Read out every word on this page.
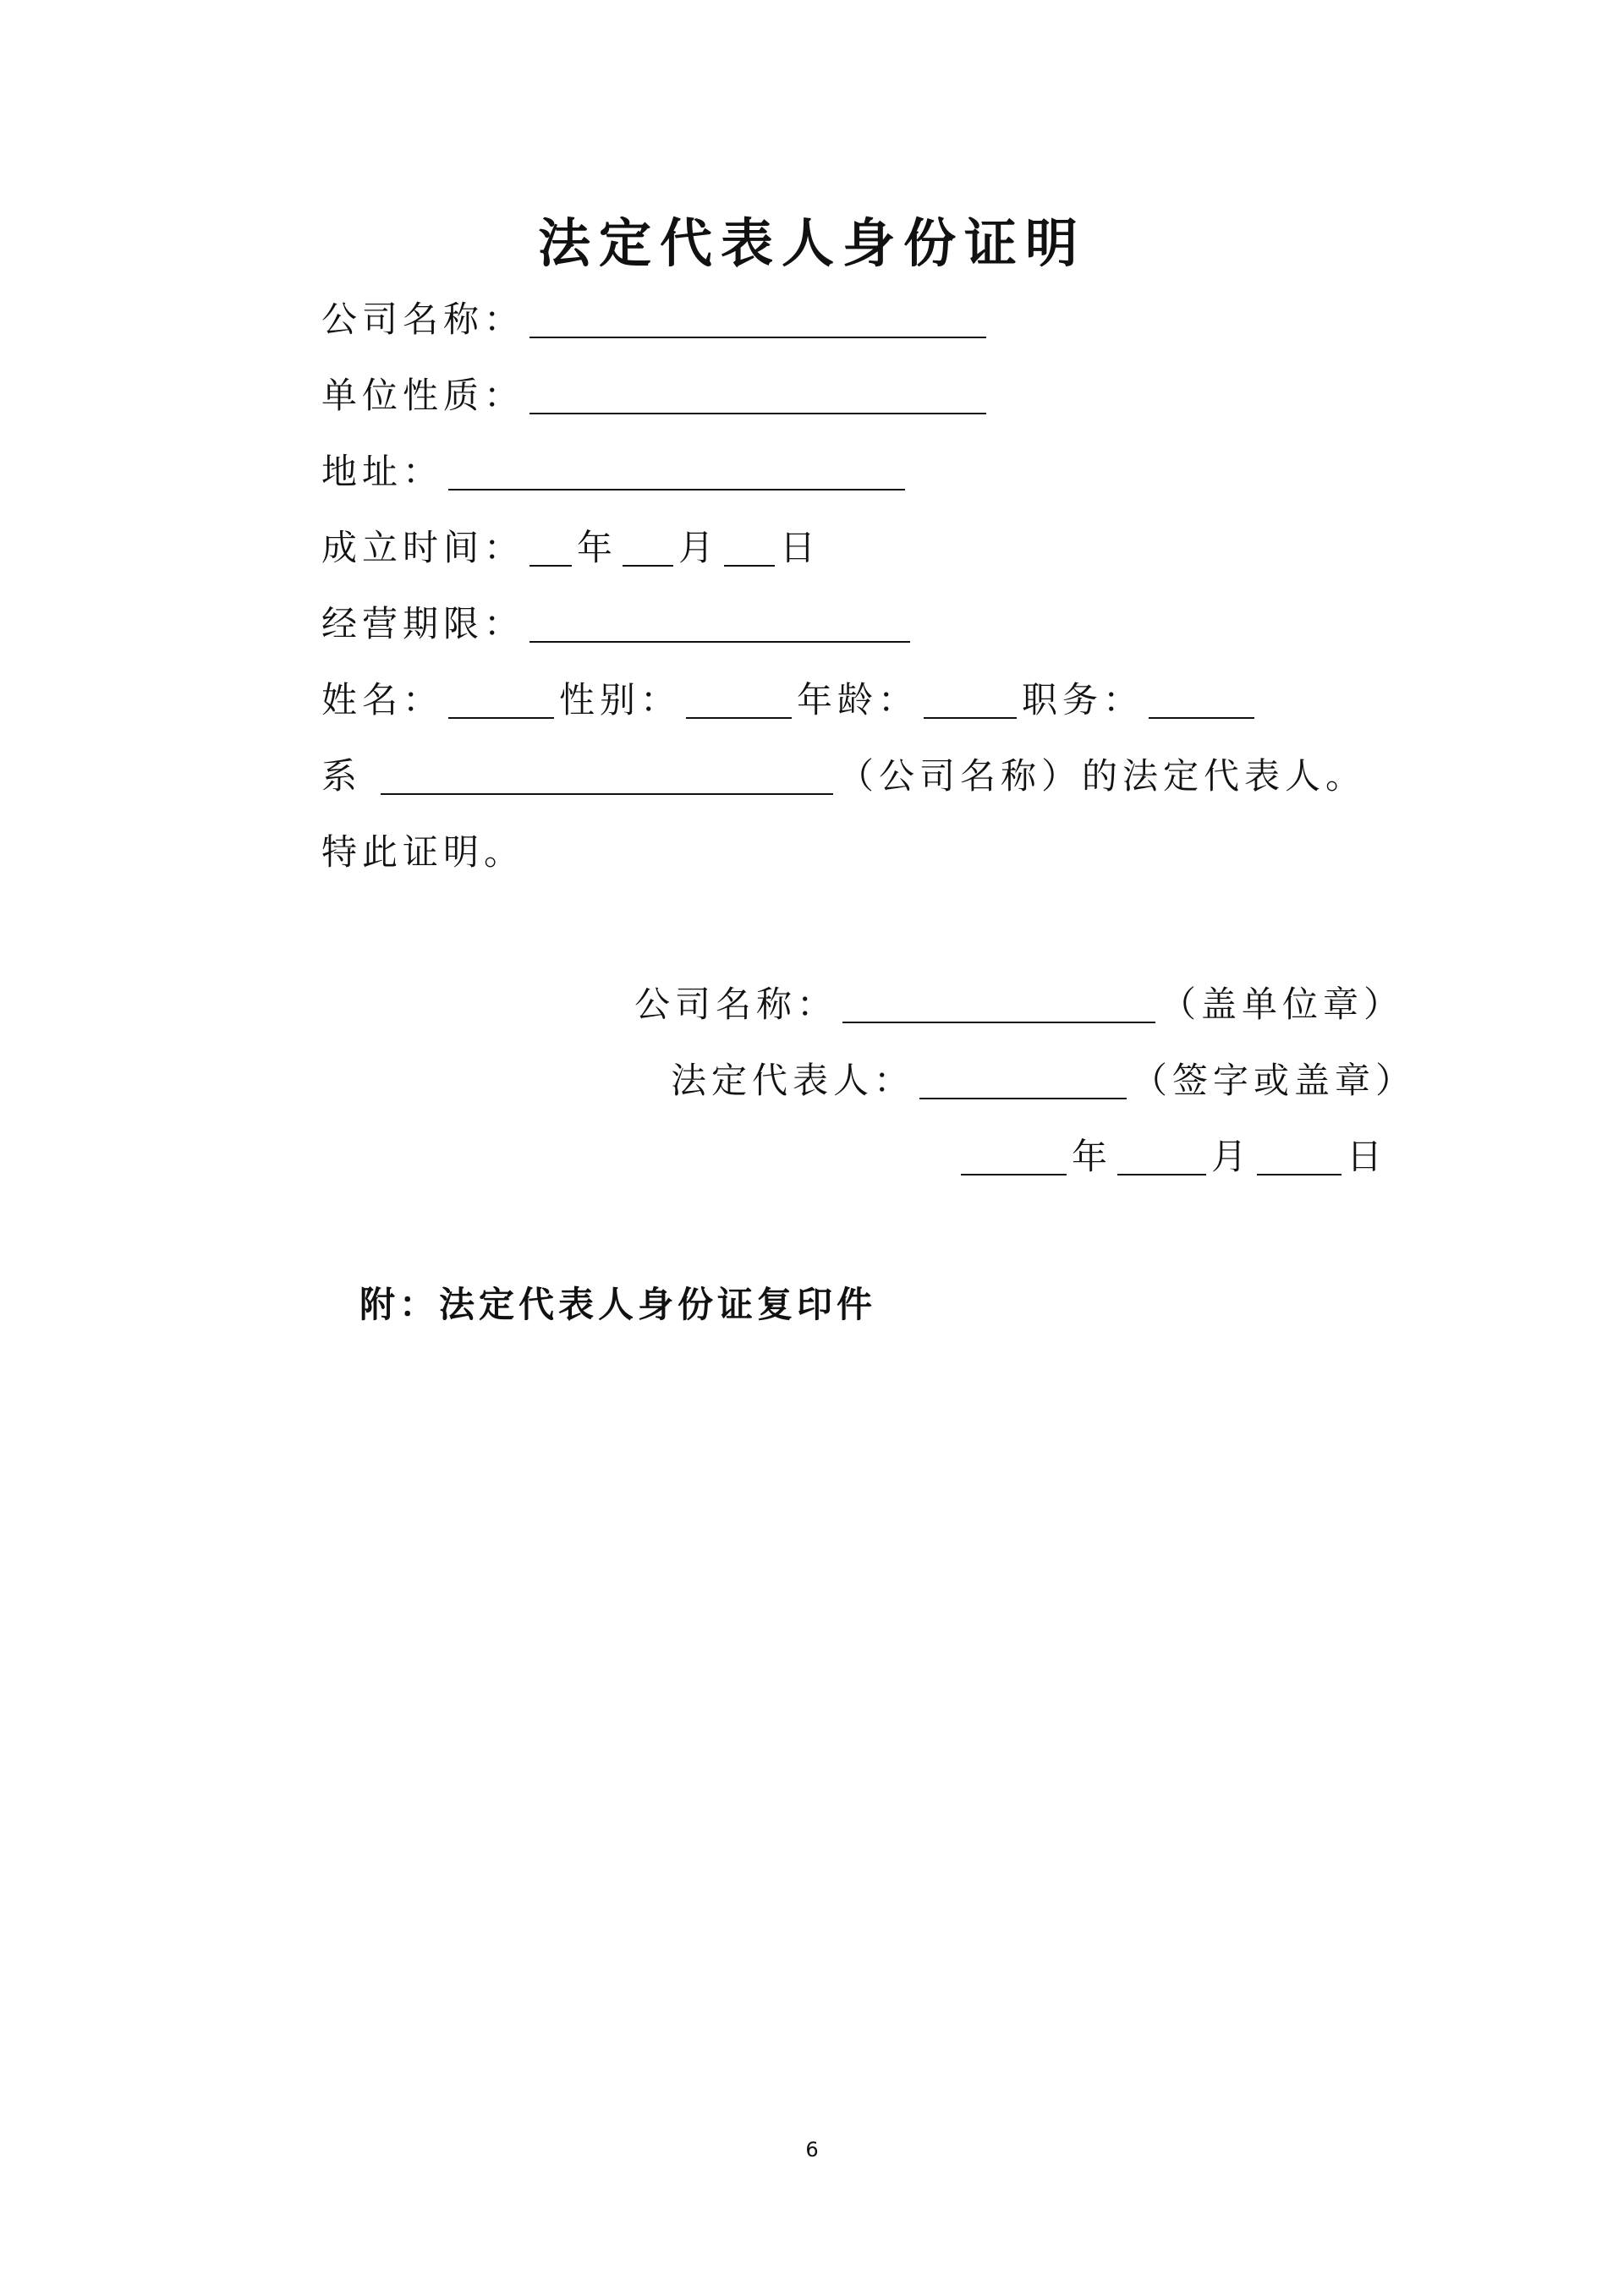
法定代表人身份证明
公司名称：
单位性质：
地址：
成立时间： 年 月 日
经营期限：
姓名：	性别：	年龄：	职务：
系	（公司名称）的法定代表人。
特此证明。
公司名称：	（盖单位章）
法定代表人：	（签字或盖章）
年	月	日
附：法定代表人身份证复印件
6
